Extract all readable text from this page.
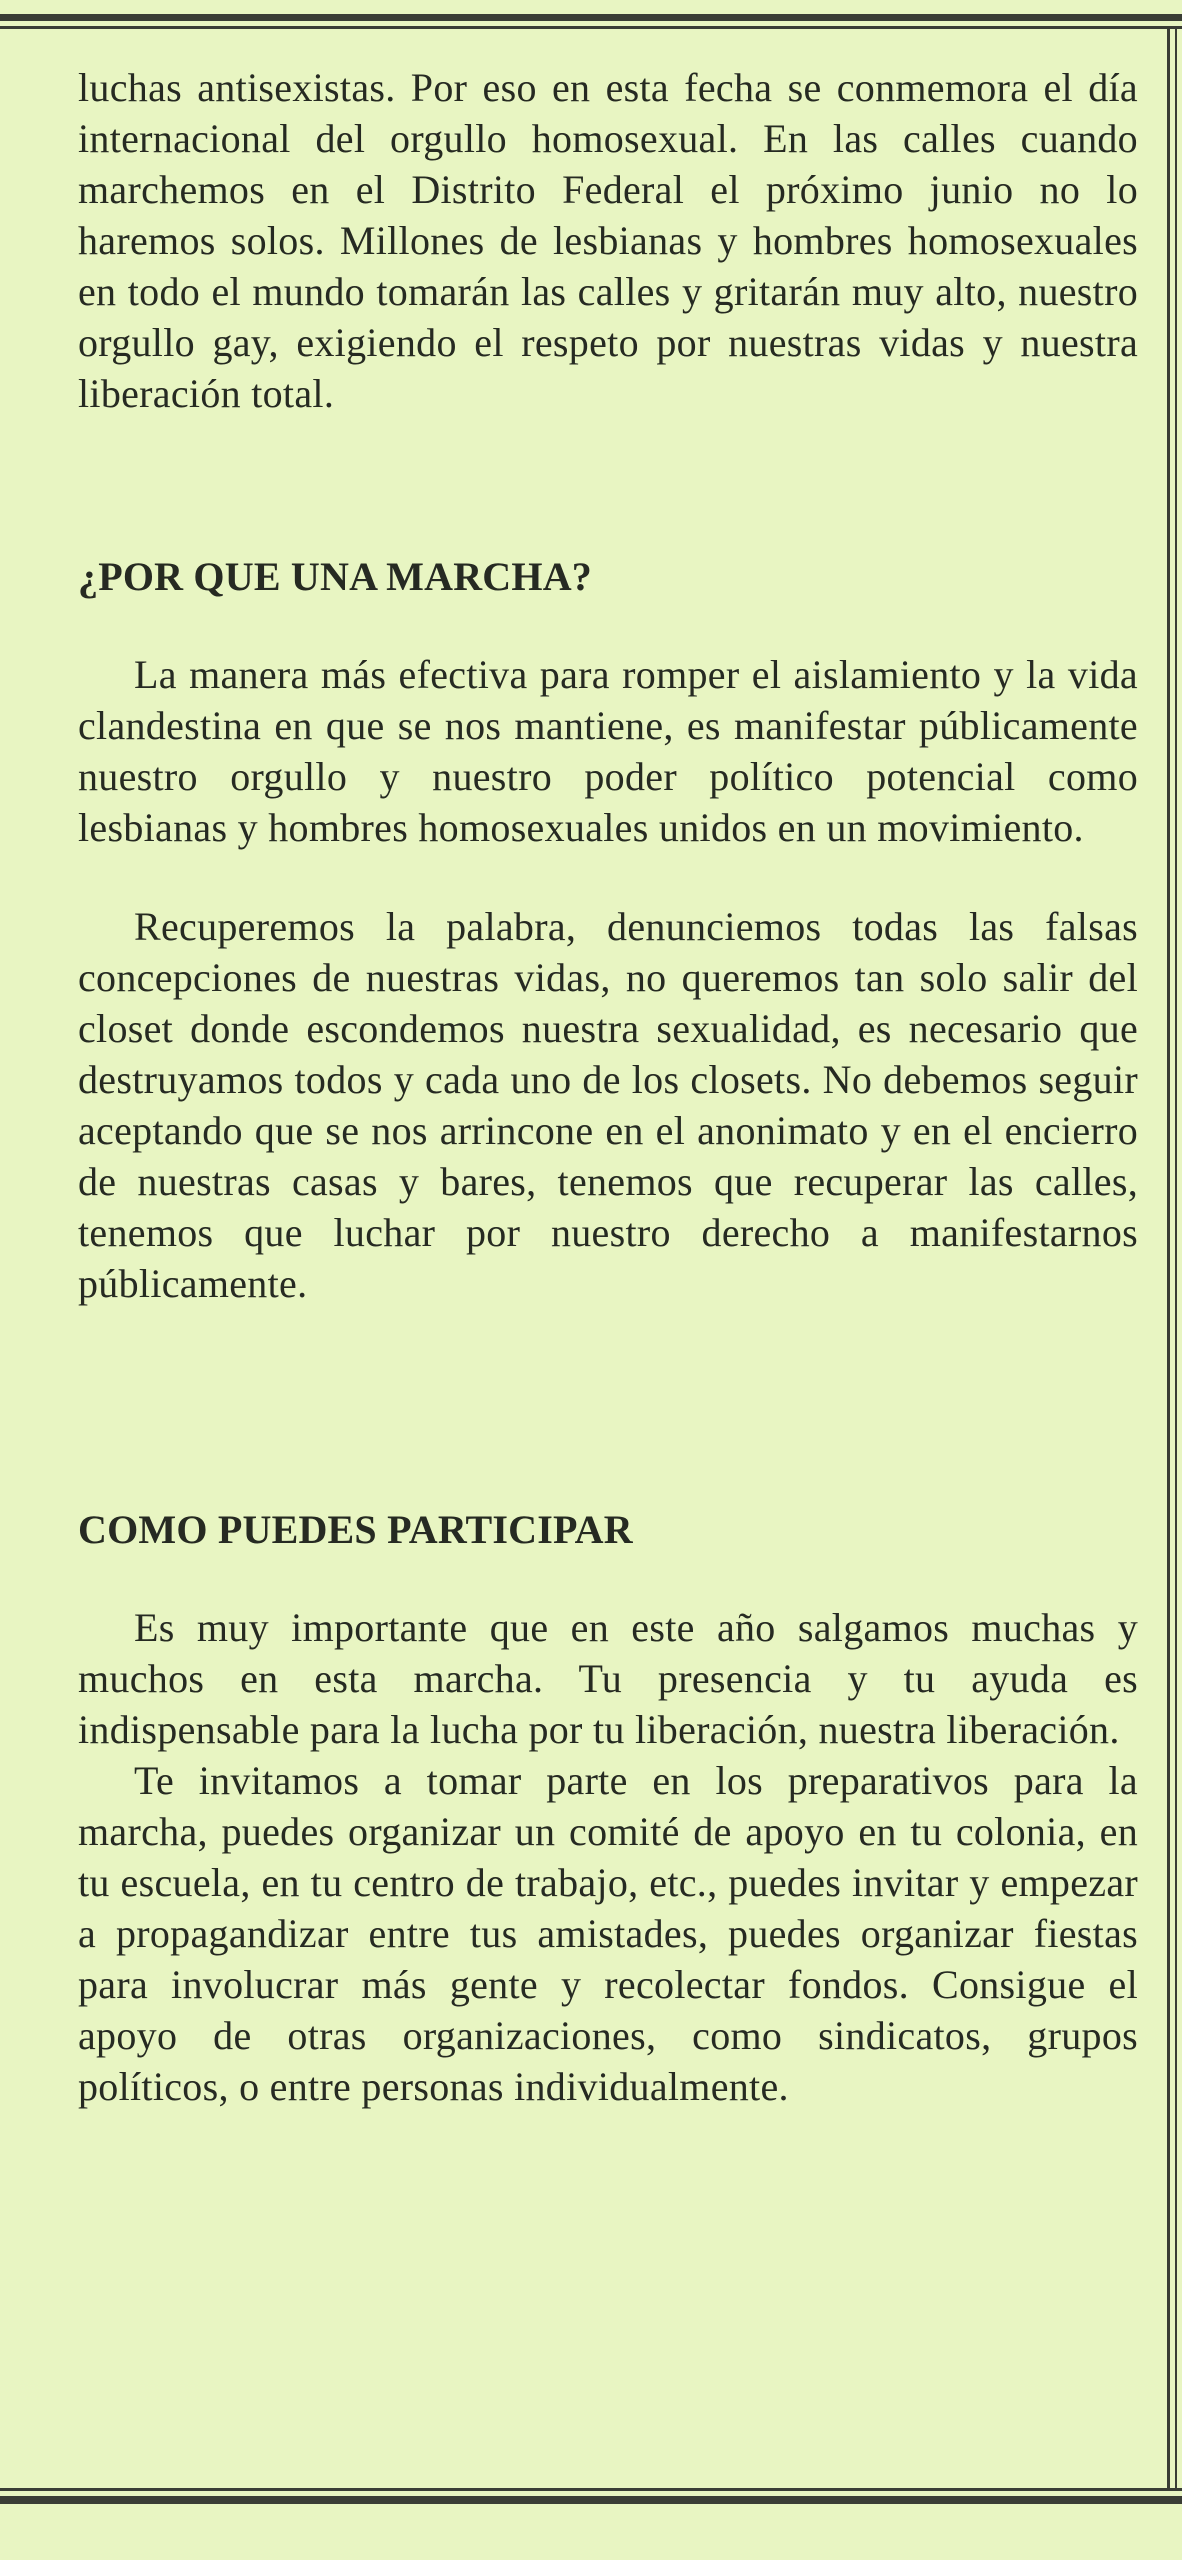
luchas antisexistas. Por eso en esta fecha se conmemora el día internacional del orgullo homosexual. En las calles cuando marchemos en el Distrito Federal el próximo junio no lo haremos solos. Millones de lesbianas y hombres homosexuales en todo el mundo tomarán las calles y gritarán muy alto, nuestro orgullo gay, exigiendo el respeto por nuestras vidas y nuestra liberación total.

¿POR QUE UNA MARCHA?

La manera más efectiva para romper el aislamiento y la vida clandestina en que se nos mantiene, es manifestar públicamente nuestro orgullo y nuestro poder político potencial como lesbianas y hombres homosexuales unidos en un movimiento.

Recuperemos la palabra, denunciemos todas las falsas concepciones de nuestras vidas, no queremos tan solo salir del closet donde escondemos nuestra sexualidad, es necesario que destruyamos todos y cada uno de los closets. No debemos seguir aceptando que se nos arrincone en el anonimato y en el encierro de nuestras casas y bares, tenemos que recuperar las calles, tenemos que luchar por nuestro derecho a manifestarnos públicamente.

COMO PUEDES PARTICIPAR

Es muy importante que en este año salgamos muchas y muchos en esta marcha. Tu presencia y tu ayuda es indispensable para la lucha por tu liberación, nuestra liberación.

Te invitamos a tomar parte en los preparativos para la marcha, puedes organizar un comité de apoyo en tu colonia, en tu escuela, en tu centro de trabajo, etc., puedes invitar y empezar a propagandizar entre tus amistades, puedes organizar fiestas para involucrar más gente y recolectar fondos. Consigue el apoyo de otras organizaciones, como sindicatos, grupos políticos, o entre personas individualmente.
